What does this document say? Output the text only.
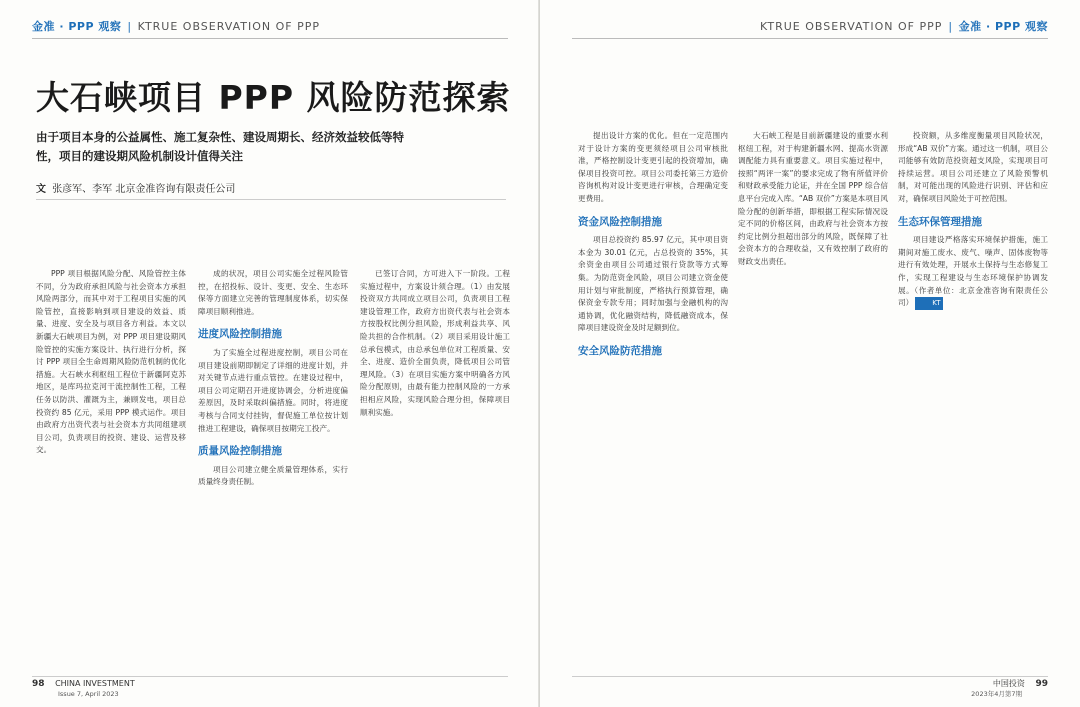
金准 · PPP 观察 | KTRUE OBSERVATION OF PPP
大石峡项目 PPP 风险防范探索
由于项目本身的公益属性、施工复杂性、建设周期长、经济效益较低等特性，项目的建设期风险机制设计值得关注
文 张彦军、李军 北京金准咨询有限责任公司

PPP 项目根据风险分配、风险管控主体不同，分为政府承担风险与社会资本方承担风险两部分，而其中对于工程项目实施的风险管控，直接影响到项目建设的效益、质量、进度、安全及与项目各方利益。本文以新疆大石峡项目为例，对 PPP 项目建设期风险管控的实施方案设计、执行进行分析，探讨 PPP 项目全生命周期风险防范机制的优化措施。大石峡水利枢纽工程位于新疆阿克苏地区，是库玛拉克河干流控制性工程，工程任务以防洪、灌溉为主，兼顾发电，项目总投资约 85 亿元，采用 PPP 模式运作。项目由政府方出资代表与社会资本方共同组建项目公司，负责项目的投资、建设、运营及移交。

成的状况，项目公司实施全过程风险管控，在招投标、设计、变更、安全、生态环保等方面建立完善的管理制度体系，切实保障项目顺利推进。

进度风险控制措施

为了实施全过程进度控制，项目公司在项目建设前期即制定了详细的进度计划，并对关键节点进行重点管控。在建设过程中，项目公司定期召开进度协调会，分析进度偏差原因，及时采取纠偏措施。同时，将进度考核与合同支付挂钩，督促施工单位按计划推进工程建设，确保项目按期完工投产。

质量风险控制措施

项目公司建立健全质量管理体系，实行质量终身责任制。

已签订合同，方可进入下一阶段。工程实施过程中，方案设计须合理。（1）由发展投资双方共同成立项目公司，负责项目工程建设管理工作，政府方出资代表与社会资本方按股权比例分担风险，形成利益共享、风险共担的合作机制。（2）项目采用设计施工总承包模式，由总承包单位对工程质量、安全、进度、造价全面负责，降低项目公司管理风险。（3）在项目实施方案中明确各方风险分配原则，由最有能力控制风险的一方承担相应风险，实现风险合理分担，保障项目顺利实施。

98 CHINA INVESTMENT
Issue 7, April 2023
KTRUE OBSERVATION OF PPP | 金准 · PPP 观察

提出设计方案的优化。但在一定范围内对于设计方案的变更须经项目公司审核批准，严格控制设计变更引起的投资增加，确保项目投资可控。项目公司委托第三方造价咨询机构对设计变更进行审核，合理确定变更费用。

资金风险控制措施

项目总投资约 85.97 亿元，其中项目资本金为 30.01 亿元，占总投资的 35%，其余资金由项目公司通过银行贷款等方式筹集。为防范资金风险，项目公司建立资金使用计划与审批制度，严格执行预算管理，确保资金专款专用；同时加强与金融机构的沟通协调，优化融资结构，降低融资成本，保障项目建设资金及时足额到位。

安全风险防范措施

大石峡工程是目前新疆建设的重要水利枢纽工程，对于构建新疆水网、提高水资源调配能力具有重要意义。项目实施过程中，按照“两评一案”的要求完成了物有所值评价和财政承受能力论证，并在全国 PPP 综合信息平台完成入库。“AB 双价”方案是本项目风险分配的创新举措，即根据工程实际情况设定不同的价格区间，由政府与社会资本方按约定比例分担超出部分的风险，既保障了社会资本方的合理收益，又有效控制了政府的财政支出责任。

投资额，从多维度衡量项目风险状况，形成“AB 双价”方案。通过这一机制，项目公司能够有效防范投资超支风险，实现项目可持续运营。项目公司还建立了风险预警机制，对可能出现的风险进行识别、评估和应对，确保项目风险处于可控范围。

生态环保管理措施

项目建设严格落实环境保护措施，施工期间对施工废水、废气、噪声、固体废物等进行有效处理，开展水土保持与生态修复工作，实现工程建设与生态环境保护协调发展。（作者单位：北京金准咨询有限责任公司）	KT

中国投资 99
2023年4月第7期
